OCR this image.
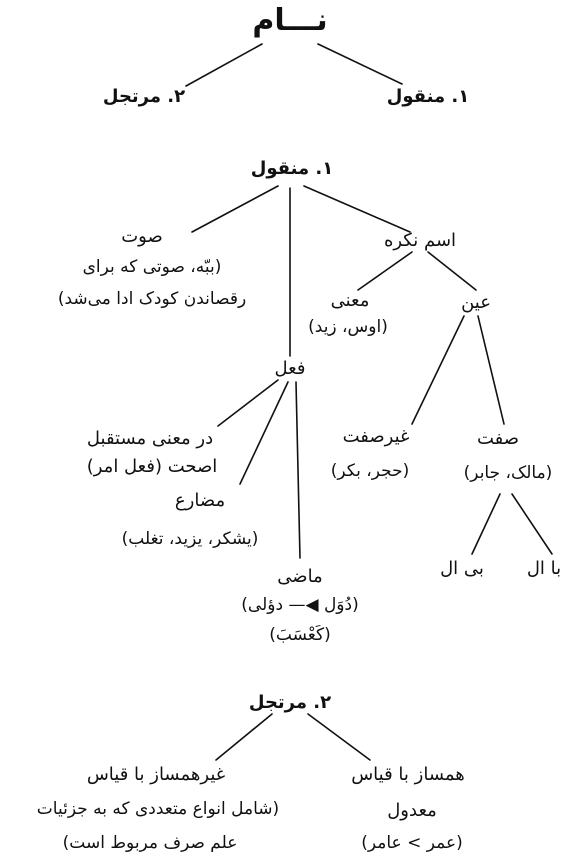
نـــام
۲. مرتجل	۱. منقول
۱. منقول
صوت
(ببّه، صوتی که برای
رقصاندن کودک ادا می‌شد)
اسم نکره
معنی
(اوس، زید)
عین
غیرصفت
(حجر، بکر)
صفت
(مالک، جابر)
بی ال با ال
فعل
در معنی مستقبل
اصحت (فعل امر)
مضارع
(یشکر، یزید، تغلب)
ماضی
(دُوَل ◀— دؤلی)
(کَعْسَبَ)
۲. مرتجل
غیرهمساز با قیاس
(شامل انواع متعددی که به جزئیات
علم صرف مربوط است)
همساز با قیاس
معدول
(عمر > عامر)
